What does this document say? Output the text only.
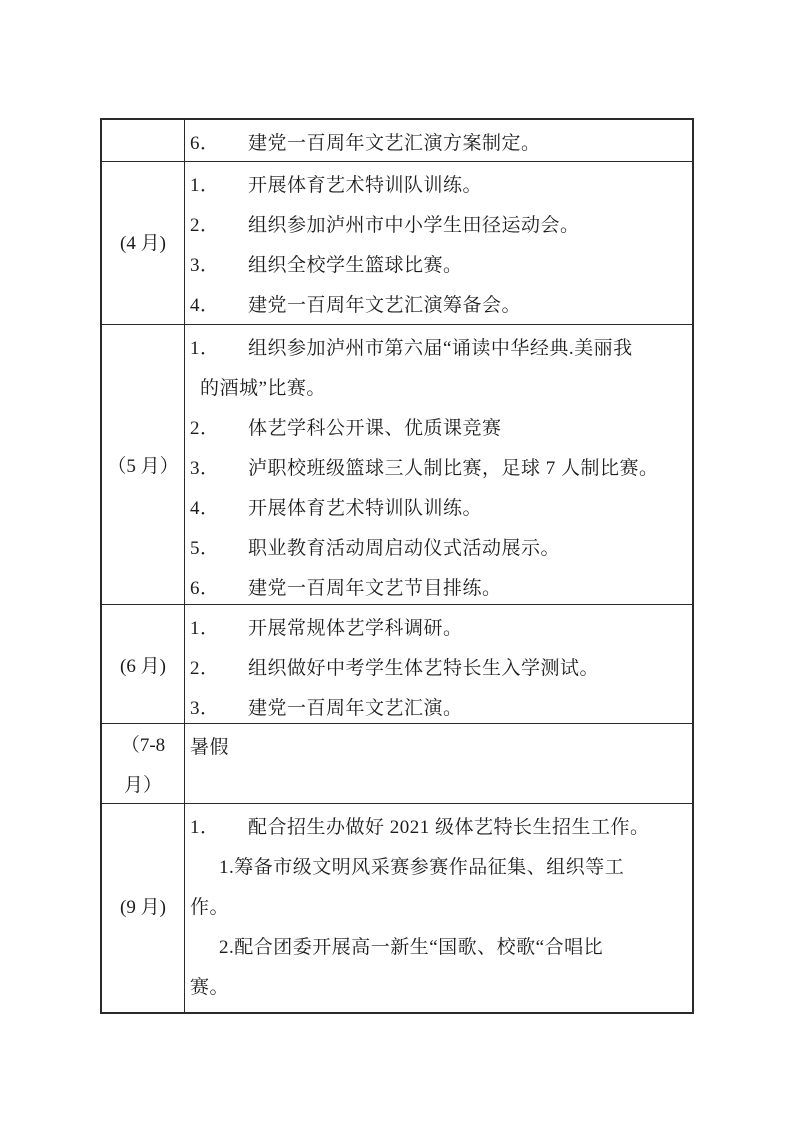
6． 建党一百周年文艺汇演方案制定。
(4 月)
1． 开展体育艺术特训队训练。
2． 组织参加泸州市中小学生田径运动会。
3． 组织全校学生篮球比赛。
4． 建党一百周年文艺汇演筹备会。
（5 月）
1． 组织参加泸州市第六届“诵读中华经典.美丽我
的酒城”比赛。
2． 体艺学科公开课、优质课竞赛
3． 泸职校班级篮球三人制比赛，足球 7 人制比赛。
4． 开展体育艺术特训队训练。
5． 职业教育活动周启动仪式活动展示。
6． 建党一百周年文艺节目排练。
(6 月)
1． 开展常规体艺学科调研。
2． 组织做好中考学生体艺特长生入学测试。
3． 建党一百周年文艺汇演。
（7-8 月）
暑假
(9 月)
1． 配合招生办做好 2021 级体艺特长生招生工作。
1.筹备市级文明风采赛参赛作品征集、组织等工
作。
2.配合团委开展高一新生“国歌、校歌“合唱比
赛。
